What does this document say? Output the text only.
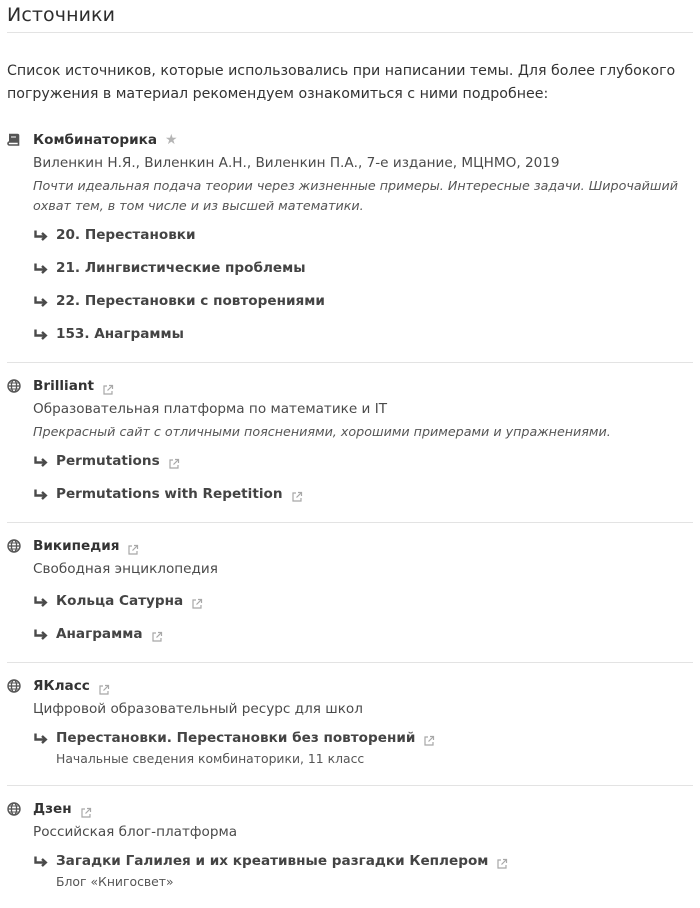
Источники

Список источников, которые использовались при написании темы. Для более глубокого погружения в материал рекомендуем ознакомиться с ними подробнее:

Комбинаторика ★
Виленкин Н.Я., Виленкин А.Н., Виленкин П.А., 7-е издание, МЦНМО, 2019
Почти идеальная подача теории через жизненные примеры. Интересные задачи. Широчайший охват тем, в том числе и из высшей математики.
20. Перестановки
21. Лингвистические проблемы
22. Перестановки с повторениями
153. Анаграммы
Brilliant
Образовательная платформа по математике и IT
Прекрасный сайт с отличными пояснениями, хорошими примерами и упражнениями.
Permutations
Permutations with Repetition
Википедия
Свободная энциклопедия
Кольца Сатурна
Анаграмма
ЯКласс
Цифровой образовательный ресурс для школ
Перестановки. Перестановки без повторений
Начальные сведения комбинаторики, 11 класс
Дзен
Российская блог-платформа
Загадки Галилея и их креативные разгадки Кеплером
Блог «Книгосвет»
